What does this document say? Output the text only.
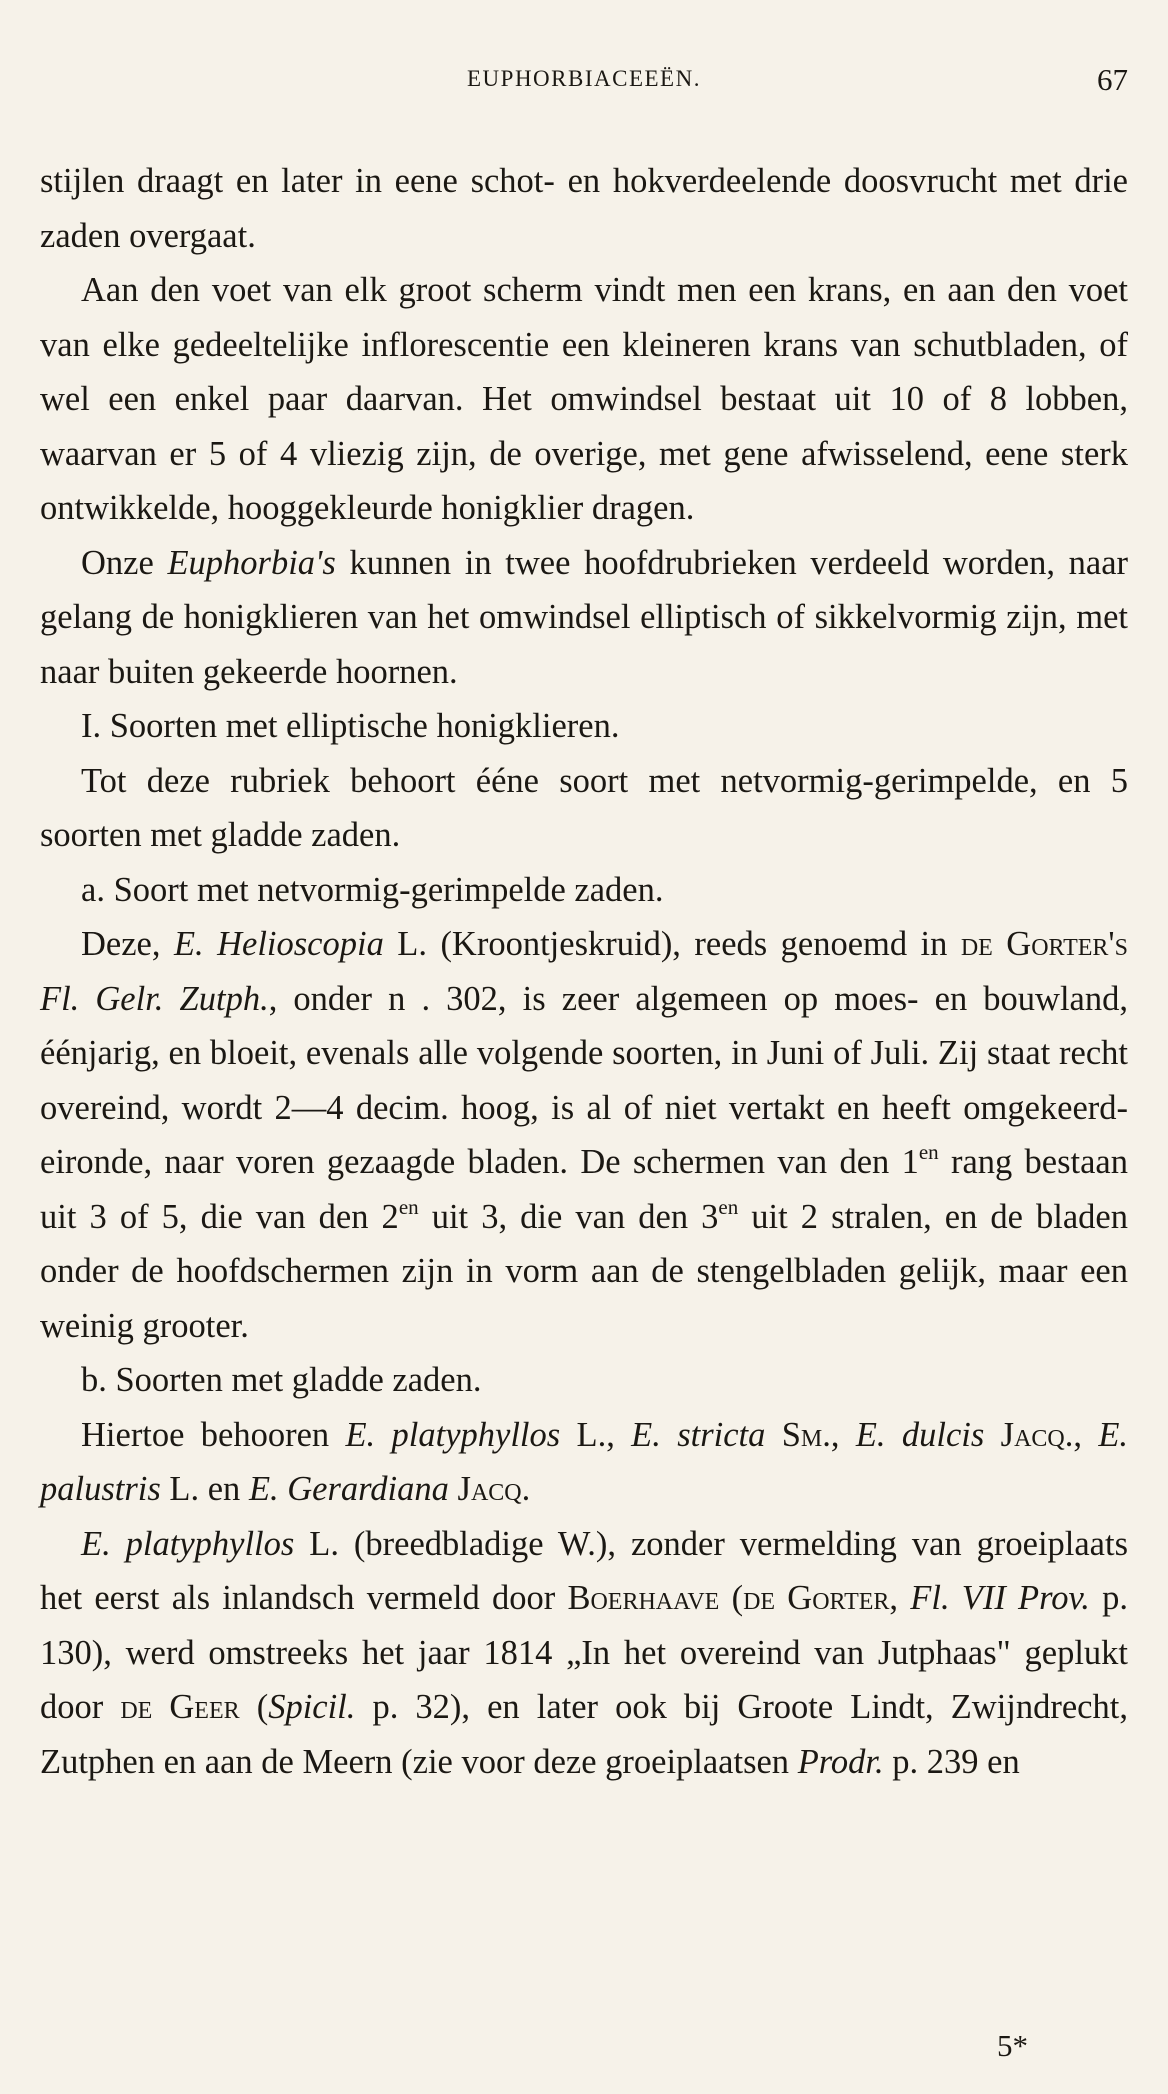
EUPHORBIACEEËN.	67

stijlen draagt en later in eene schot- en hokverdeelende doosvrucht met drie zaden overgaat.

Aan den voet van elk groot scherm vindt men een krans, en aan den voet van elke gedeeltelijke inflorescentie een kleineren krans van schutbladen, of wel een enkel paar daarvan. Het omwindsel bestaat uit 10 of 8 lobben, waarvan er 5 of 4 vliezig zijn, de overige, met gene afwisselend, eene sterk ontwikkelde, hooggekleurde honigklier dragen.

Onze Euphorbia's kunnen in twee hoofdrubrieken verdeeld worden, naar gelang de honigklieren van het omwindsel elliptisch of sikkelvormig zijn, met naar buiten gekeerde hoornen.

I. Soorten met elliptische honigklieren.

Tot deze rubriek behoort ééne soort met netvormig-gerimpelde, en 5 soorten met gladde zaden.

a. Soort met netvormig-gerimpelde zaden.

Deze, E. Helioscopia L. (Kroontjeskruid), reeds genoemd in de Gorter's Fl. Gelr. Zutph., onder n . 302, is zeer algemeen op moes- en bouwland, éénjarig, en bloeit, evenals alle volgende soorten, in Juni of Juli. Zij staat recht overeind, wordt 2—4 decim. hoog, is al of niet vertakt en heeft omgekeerd-eironde, naar voren gezaagde bladen. De schermen van den $1^{en}$ rang bestaan uit 3 of 5, die van den $2^{en}$ uit 3, die van den $3^{en}$ uit 2 stralen, en de bladen onder de hoofdschermen zijn in vorm aan de stengelbladen gelijk, maar een weinig grooter.

b. Soorten met gladde zaden.

Hiertoe behooren E. platyphyllos L., E. stricta Sm., E. dulcis Jacq., E. palustris L. en E. Gerardiana Jacq.

E. platyphyllos L. (breedbladige W.), zonder vermelding van groeiplaats het eerst als inlandsch vermeld door Boerhaave (de Gorter, Fl. VII Prov. p. 130), werd omstreeks het jaar 1814 „In het overeind van Jutphaas" geplukt door de Geer (Spicil. p. 32), en later ook bij Groote Lindt, Zwijndrecht, Zutphen en aan de Meern (zie voor deze groeiplaatsen Prodr. p. 239 en

5*
